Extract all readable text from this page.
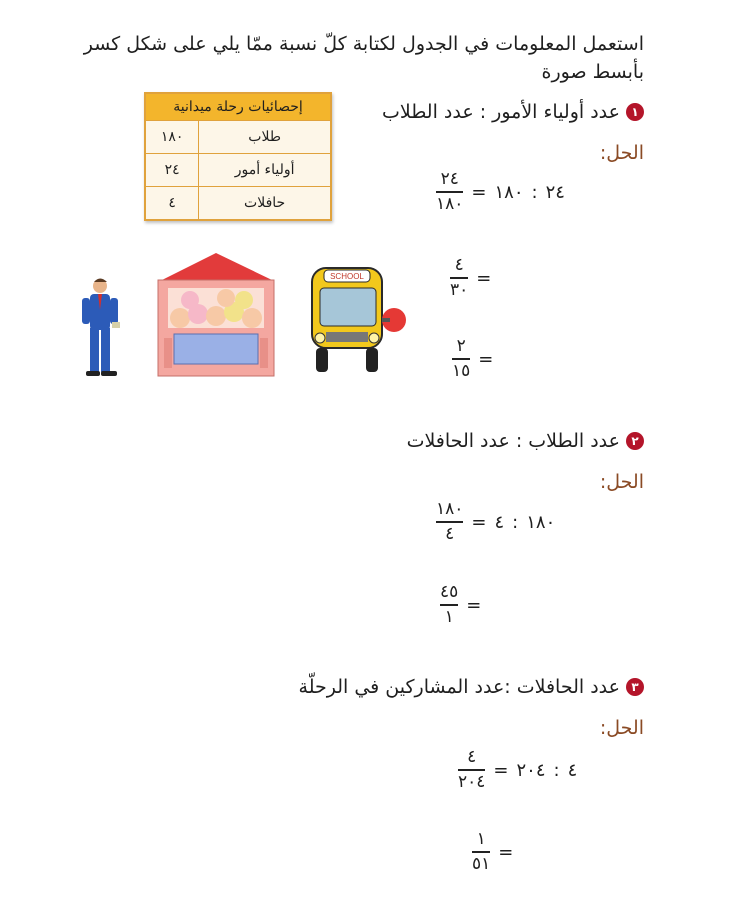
استعمل المعلومات في الجدول لكتابة كلّ نسبة ممّا يلي على شكل كسر بأبسط صورة
إحصائيات رحلة ميدانية
١٨٠	طلاب
٢٤	أولياء أمور
٤	حافلات
SCHOOL
١
عدد أولياء الأمور : عدد الطلاب
الحل:
$\frac{٢٤}{١٨٠}$ = ١٨٠ : ٢٤
$\frac{٤}{٣٠}$ =
$\frac{٢}{١٥}$ =
٢
عدد الطلاب : عدد الحافلات
الحل:
$\frac{١٨٠}{٤}$ = ٤ : ١٨٠
$\frac{٤٥}{١}$ =
٣
عدد الحافلات :عدد المشاركين في الرحلّة
الحل:
$\frac{٤}{٢٠٤}$ = ٢٠٤ : ٤
$\frac{١}{٥١}$ =
